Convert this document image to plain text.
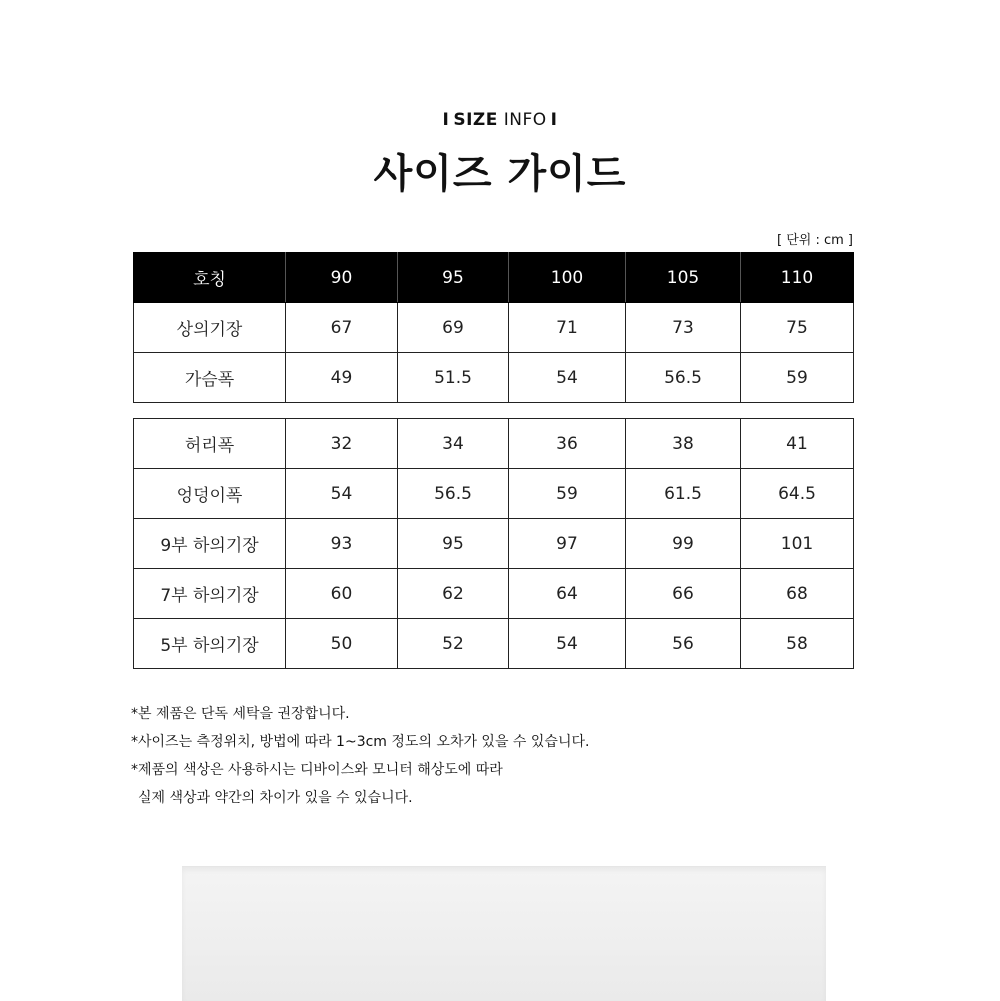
I SIZE INFO I
사이즈 가이드
[ 단위 : cm ]
호칭	90	95	100	105	110
상의기장	67	69	71	73	75
가슴폭	49	51.5	54	56.5	59
허리폭	32	34	36	38	41
엉덩이폭	54	56.5	59	61.5	64.5
9부 하의기장	93	95	97	99	101
7부 하의기장	60	62	64	66	68
5부 하의기장	50	52	54	56	58
*본 제품은 단독 세탁을 권장합니다.
*사이즈는 측정위치, 방법에 따라 1~3cm 정도의 오차가 있을 수 있습니다.
*제품의 색상은 사용하시는 디바이스와 모니터 해상도에 따라
실제 색상과 약간의 차이가 있을 수 있습니다.
